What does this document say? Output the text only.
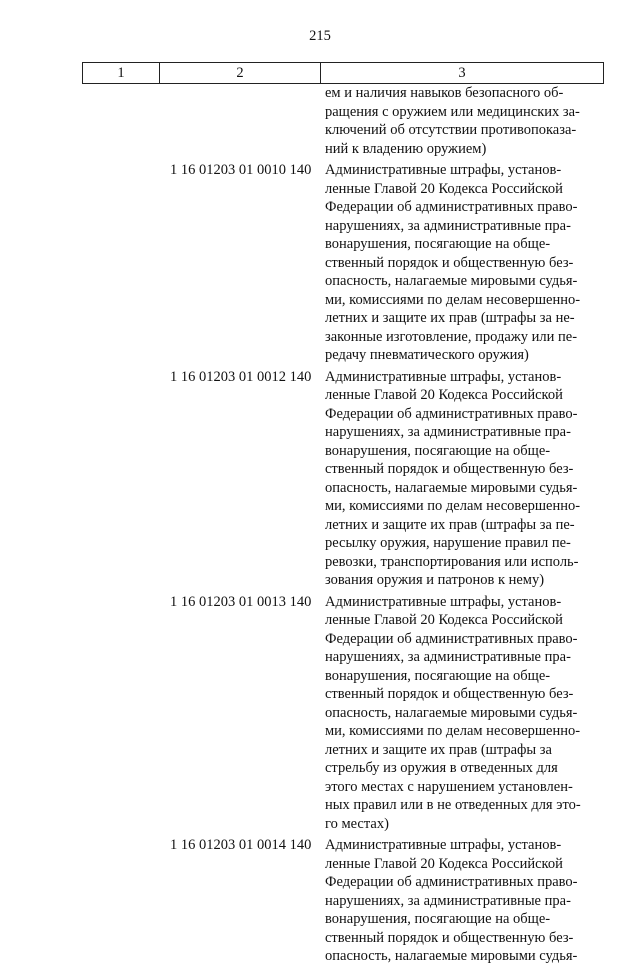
215
1	2	3
ем и наличия навыков безопасного об-
ращения с оружием или медицинских за-
ключений об отсутствии противопоказа-
ний к владению оружием)
1 16 01203 01 0010 140 Административные штрафы, установ-
ленные Главой 20 Кодекса Российской
Федерации об административных право-
нарушениях, за административные пра-
вонарушения, посягающие на обще-
ственный порядок и общественную без-
опасность, налагаемые мировыми судья-
ми, комиссиями по делам несовершенно-
летних и защите их прав (штрафы за не-
законные изготовление, продажу или пе-
редачу пневматического оружия)
1 16 01203 01 0012 140 Административные штрафы, установ-
ленные Главой 20 Кодекса Российской
Федерации об административных право-
нарушениях, за административные пра-
вонарушения, посягающие на обще-
ственный порядок и общественную без-
опасность, налагаемые мировыми судья-
ми, комиссиями по делам несовершенно-
летних и защите их прав (штрафы за пе-
ресылку оружия, нарушение правил пе-
ревозки, транспортирования или исполь-
зования оружия и патронов к нему)
1 16 01203 01 0013 140 Административные штрафы, установ-
ленные Главой 20 Кодекса Российской
Федерации об административных право-
нарушениях, за административные пра-
вонарушения, посягающие на обще-
ственный порядок и общественную без-
опасность, налагаемые мировыми судья-
ми, комиссиями по делам несовершенно-
летних и защите их прав (штрафы за
стрельбу из оружия в отведенных для
этого местах с нарушением установлен-
ных правил или в не отведенных для это-
го местах)
1 16 01203 01 0014 140 Административные штрафы, установ-
ленные Главой 20 Кодекса Российской
Федерации об административных право-
нарушениях, за административные пра-
вонарушения, посягающие на обще-
ственный порядок и общественную без-
опасность, налагаемые мировыми судья-
